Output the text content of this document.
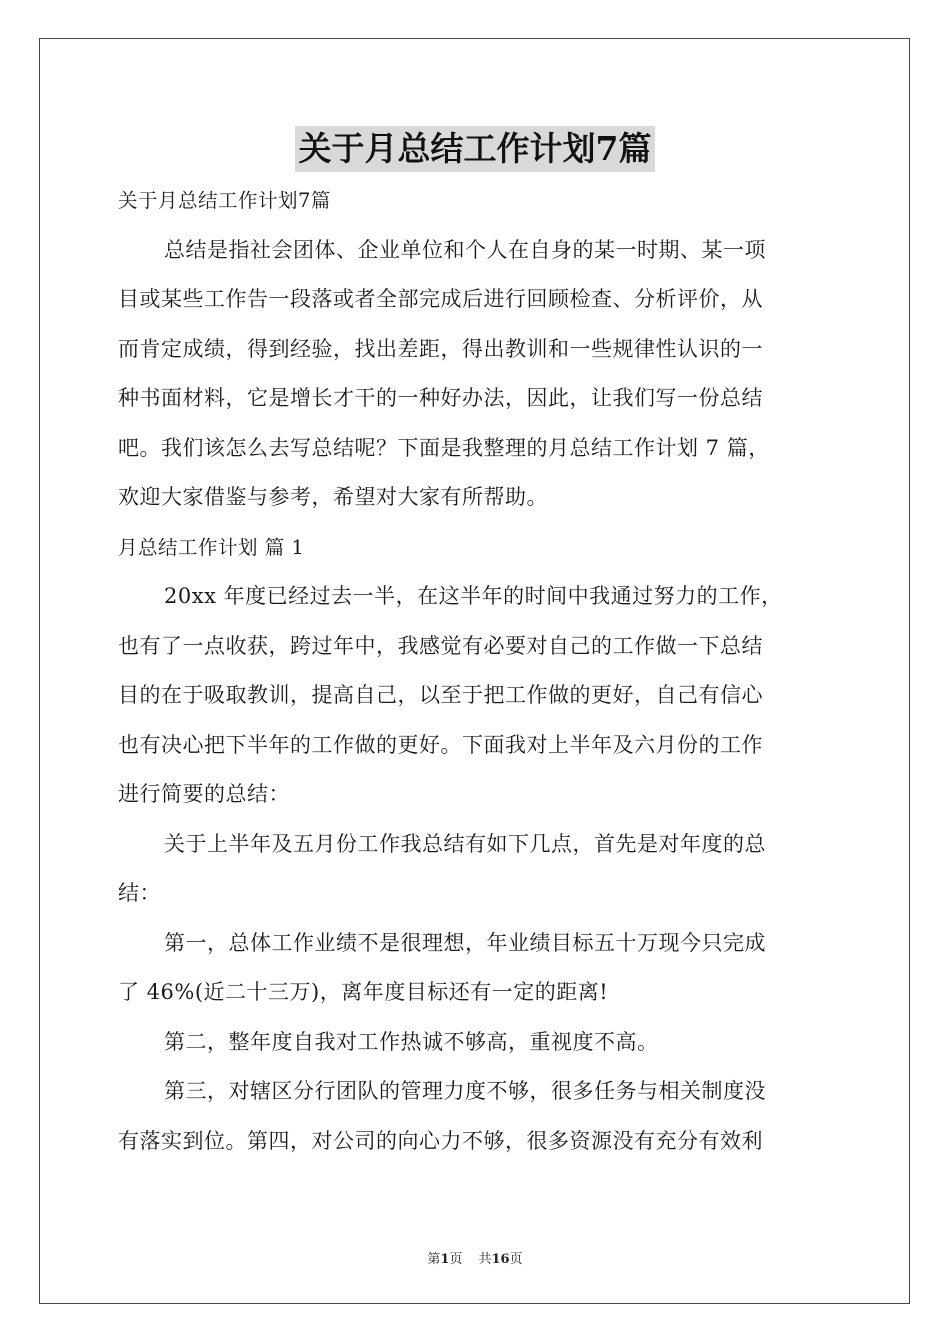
关于月总结工作计划7篇

关于月总结工作计划7篇

总结是指社会团体、企业单位和个人在自身的某一时期、某一项

目或某些工作告一段落或者全部完成后进行回顾检查、分析评价，从

而肯定成绩，得到经验，找出差距，得出教训和一些规律性认识的一

种书面材料，它是增长才干的一种好办法，因此，让我们写一份总结

吧。我们该怎么去写总结呢？下面是我整理的月总结工作计划 7 篇，

欢迎大家借鉴与参考，希望对大家有所帮助。

月总结工作计划 篇 1

20xx 年度已经过去一半，在这半年的时间中我通过努力的工作，

也有了一点收获，跨过年中，我感觉有必要对自己的工作做一下总结

目的在于吸取教训，提高自己，以至于把工作做的更好，自己有信心

也有决心把下半年的工作做的更好。下面我对上半年及六月份的工作

进行简要的总结：

关于上半年及五月份工作我总结有如下几点，首先是对年度的总

结：

第一，总体工作业绩不是很理想，年业绩目标五十万现今只完成

了 46%(近二十三万)，离年度目标还有一定的距离!

第二，整年度自我对工作热诚不够高，重视度不高。

第三，对辖区分行团队的管理力度不够，很多任务与相关制度没

有落实到位。第四，对公司的向心力不够，很多资源没有充分有效利

第1页 共16页
